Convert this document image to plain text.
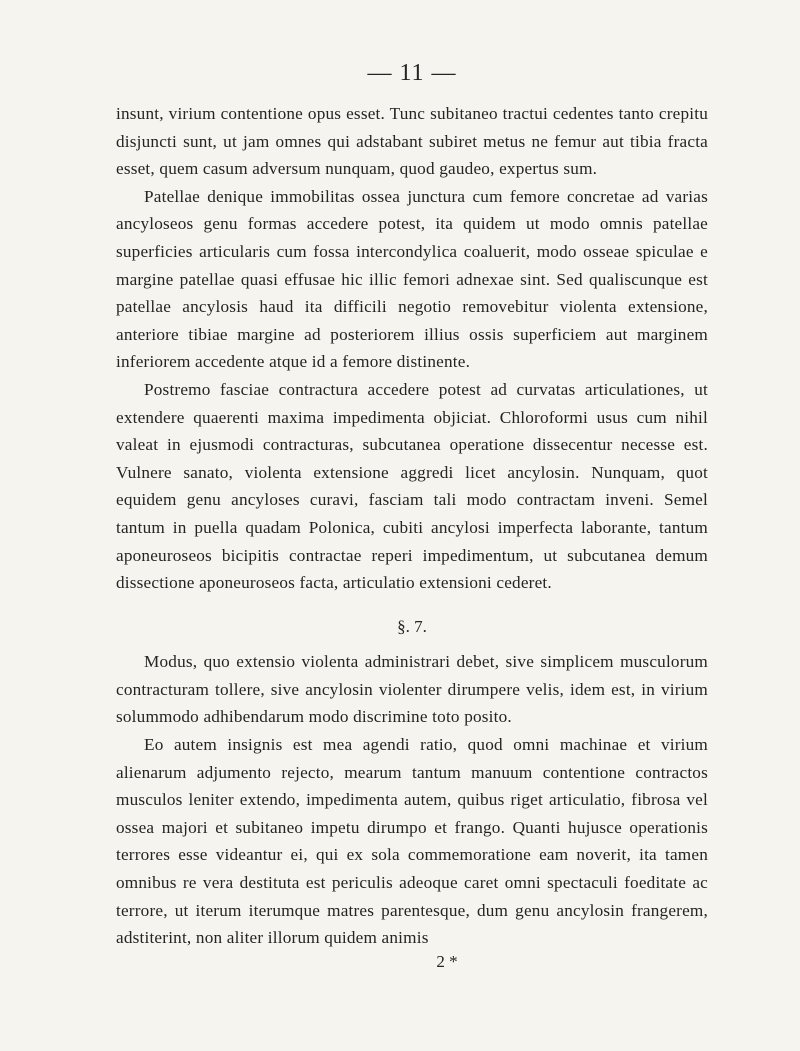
— 11 —

insunt, virium contentione opus esset. Tunc subitaneo tractui cedentes tanto crepitu disjuncti sunt, ut jam omnes qui adstabant subiret metus ne femur aut tibia fracta esset, quem casum adversum nunquam, quod gaudeo, expertus sum.

Patellae denique immobilitas ossea junctura cum femore concretae ad varias ancyloseos genu formas accedere potest, ita quidem ut modo omnis patellae superficies articularis cum fossa intercondylica coaluerit, modo osseae spiculae e margine patellae quasi effusae hic illic femori adnexae sint. Sed qualiscunque est patellae ancylosis haud ita difficili negotio removebitur violenta extensione, anteriore tibiae margine ad posteriorem illius ossis superficiem aut marginem inferiorem accedente atque id a femore distinente.

Postremo fasciae contractura accedere potest ad curvatas articulationes, ut extendere quaerenti maxima impedimenta objiciat. Chloroformi usus cum nihil valeat in ejusmodi contracturas, subcutanea operatione dissecentur necesse est. Vulnere sanato, violenta extensione aggredi licet ancylosin. Nunquam, quot equidem genu ancyloses curavi, fasciam tali modo contractam inveni. Semel tantum in puella quadam Polonica, cubiti ancylosi imperfecta laborante, tantum aponeuroseos bicipitis contractae reperi impedimentum, ut subcutanea demum dissectione aponeuroseos facta, articulatio extensioni cederet.

§. 7.

Modus, quo extensio violenta administrari debet, sive simplicem musculorum contracturam tollere, sive ancylosin violenter dirumpere velis, idem est, in virium solummodo adhibendarum modo discrimine toto posito.

Eo autem insignis est mea agendi ratio, quod omni machinae et virium alienarum adjumento rejecto, mearum tantum manuum contentione contractos musculos leniter extendo, impedimenta autem, quibus riget articulatio, fibrosa vel ossea majori et subitaneo impetu dirumpo et frango. Quanti hujusce operationis terrores esse videantur ei, qui ex sola commemoratione eam noverit, ita tamen omnibus re vera destituta est periculis adeoque caret omni spectaculi foeditate ac terrore, ut iterum iterumque matres parentesque, dum genu ancylosin frangerem, adstiterint, non aliter illorum quidem animis

2 *
